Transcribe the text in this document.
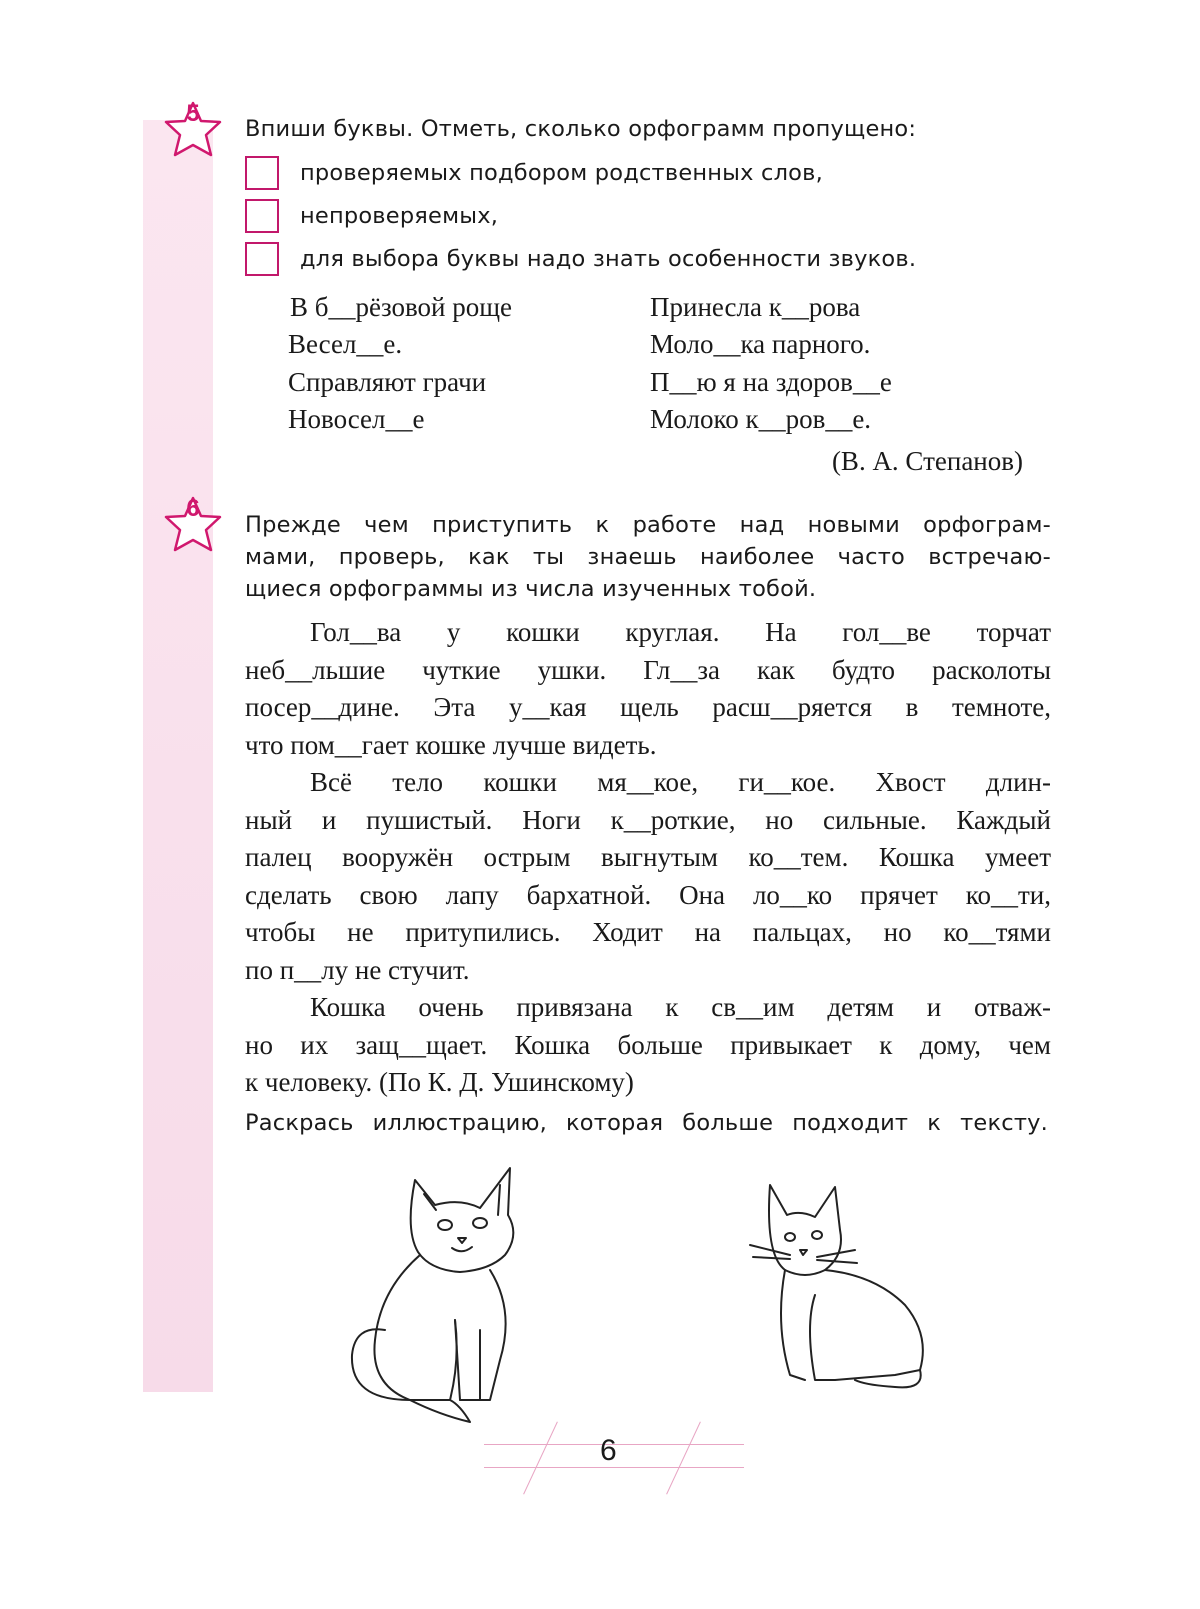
5
Впиши буквы. Отметь, сколько орфограмм пропущено:
проверяемых подбором родственных слов,
непроверяемых,
для выбора буквы надо знать особенности звуков.
В б__рёзовой роще
Весел__е.
Справляют грачи
Новосел__е
Принесла к__рова
Моло__ка парного.
П__ю я на здоров__е
Молоко к__ров__е.
(В. А. Степанов)
6
Прежде чем приступить к работе над новыми орфограм-
мами, проверь, как ты знаешь наиболее часто встречаю-
щиеся орфограммы из числа изученных тобой.
Гол__ва у кошки круглая. На гол__ве торчат
неб__льшие чуткие ушки. Гл__за как будто расколоты
посер__дине. Эта у__кая щель расш__ряется в темноте,
что пом__гает кошке лучше видеть.
Всё тело кошки мя__кое, ги__кое. Хвост длин-
ный и пушистый. Ноги к__роткие, но сильные. Каждый
палец вооружён острым выгнутым ко__тем. Кошка умеет
сделать свою лапу бархатной. Она ло__ко прячет ко__ти,
чтобы не притупились. Ходит на пальцах, но ко__тями
по п__лу не стучит.
Кошка очень привязана к св__им детям и отваж-
но их защ__щает. Кошка больше привыкает к дому, чем
к человеку. (По К. Д. Ушинскому)
Раскрась иллюстрацию, которая больше подходит к тексту.
6
